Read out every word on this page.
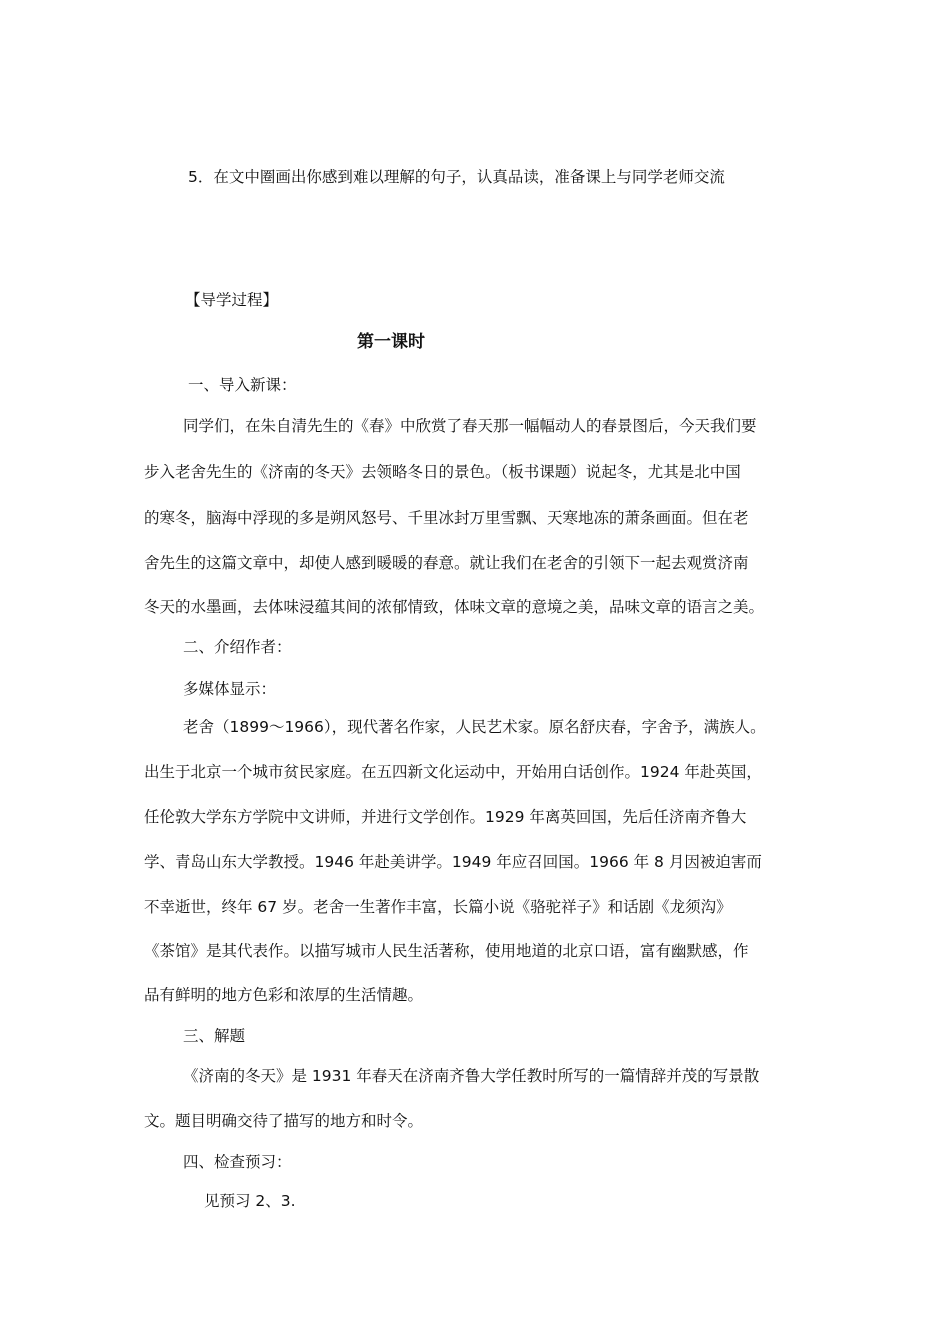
5．在文中圈画出你感到难以理解的句子，认真品读，准备课上与同学老师交流

【导学过程】

第一课时

一、导入新课：

同学们，在朱自清先生的《春》中欣赏了春天那一幅幅动人的春景图后，今天我们要

步入老舍先生的《济南的冬天》去领略冬日的景色。（板书课题）说起冬，尤其是北中国

的寒冬，脑海中浮现的多是朔风怒号、千里冰封万里雪飘、天寒地冻的萧条画面。但在老

舍先生的这篇文章中，却使人感到暖暖的春意。就让我们在老舍的引领下一起去观赏济南

冬天的水墨画，去体味浸蕴其间的浓郁情致，体味文章的意境之美，品味文章的语言之美。

二、介绍作者：

多媒体显示：

老舍（1899～1966），现代著名作家，人民艺术家。原名舒庆春，字舍予，满族人。

出生于北京一个城市贫民家庭。在五四新文化运动中，开始用白话创作。1924 年赴英国，

任伦敦大学东方学院中文讲师，并进行文学创作。1929 年离英回国，先后任济南齐鲁大

学、青岛山东大学教授。1946 年赴美讲学。1949 年应召回国。1966 年 8 月因被迫害而

不幸逝世，终年 67 岁。老舍一生著作丰富，长篇小说《骆驼祥子》和话剧《龙须沟》

《茶馆》是其代表作。以描写城市人民生活著称，使用地道的北京口语，富有幽默感，作

品有鲜明的地方色彩和浓厚的生活情趣。

三、解题

《济南的冬天》是 1931 年春天在济南齐鲁大学任教时所写的一篇情辞并茂的写景散

文。题目明确交待了描写的地方和时令。

四、检查预习：

见预习 2、3.
